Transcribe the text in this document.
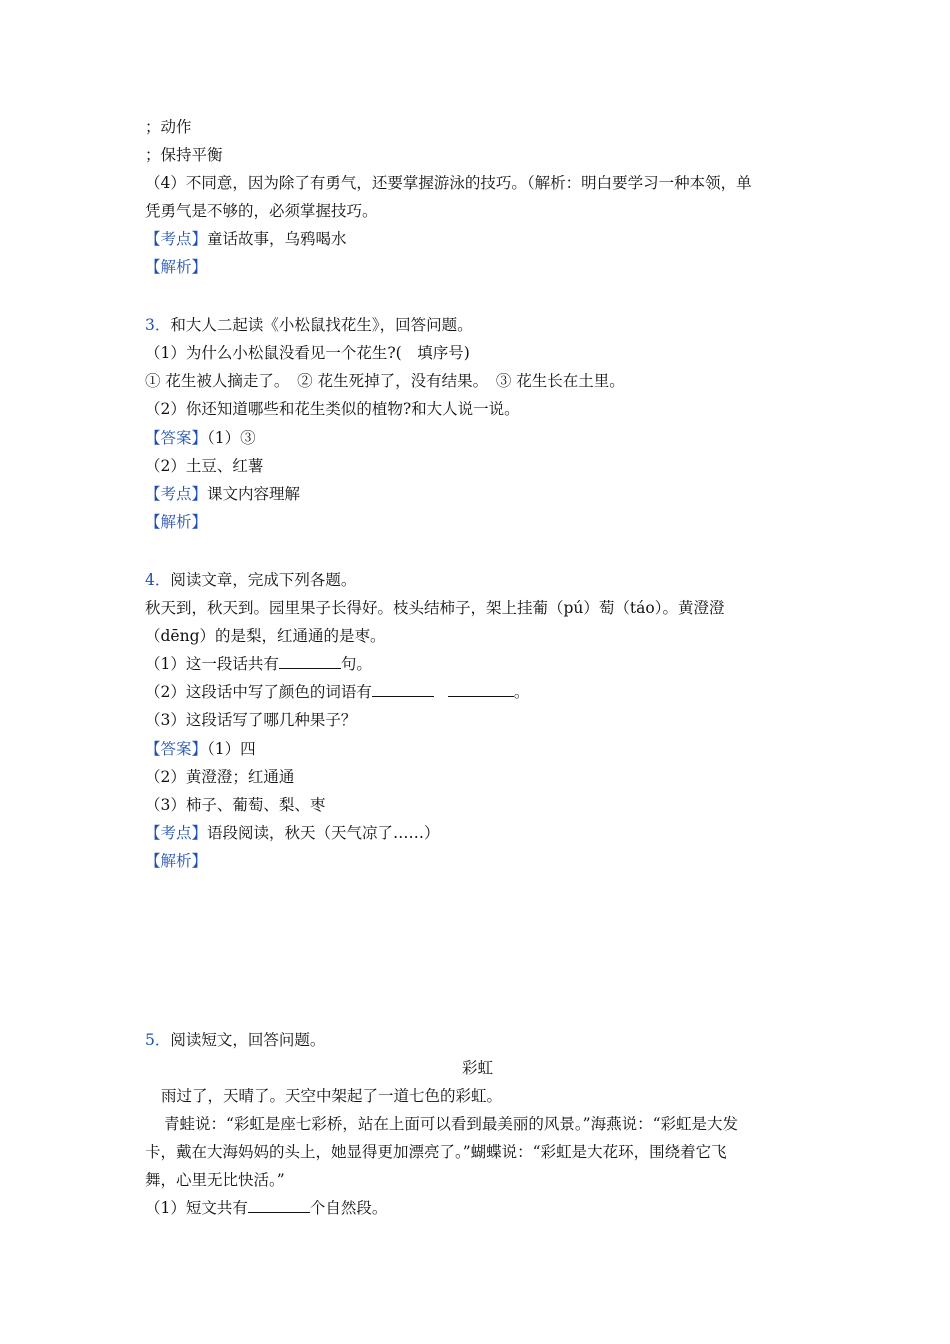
；动作
；保持平衡
（4）不同意，因为除了有勇气，还要掌握游泳的技巧。（解析：明白要学习一种本领，单
凭勇气是不够的，必须掌握技巧。
【考点】童话故事，乌鸦喝水
【解析】
3．和大人二起读《小松鼠找花生》，回答问题。
（1）为什么小松鼠没看见一个花生?(　填序号)
① 花生被人摘走了。　② 花生死掉了，没有结果。　③ 花生长在土里。
（2）你还知道哪些和花生类似的植物?和大人说一说。
【答案】（1）③
（2）土豆、红薯
【考点】课文内容理解
【解析】
4．阅读文章，完成下列各题。
秋天到，秋天到。园里果子长得好。枝头结柿子，架上挂葡（pú）萄（táo）。黄澄澄
（dēng）的是梨，红通通的是枣。
（1）这一段话共有	句。
（2）这段话中写了颜色的词语有	。
（3）这段话写了哪几种果子？
【答案】（1）四
（2）黄澄澄；红通通
（3）柿子、葡萄、梨、枣
【考点】语段阅读，秋天（天气凉了……）
【解析】
5．阅读短文，回答问题。
彩虹
雨过了，天晴了。天空中架起了一道七色的彩虹。
青蛙说：“彩虹是座七彩桥，站在上面可以看到最美丽的风景。”海燕说：“彩虹是大发
卡，戴在大海妈妈的头上，她显得更加漂亮了。”蝴蝶说：“彩虹是大花环，围绕着它飞
舞，心里无比快活。”
（1）短文共有	个自然段。
